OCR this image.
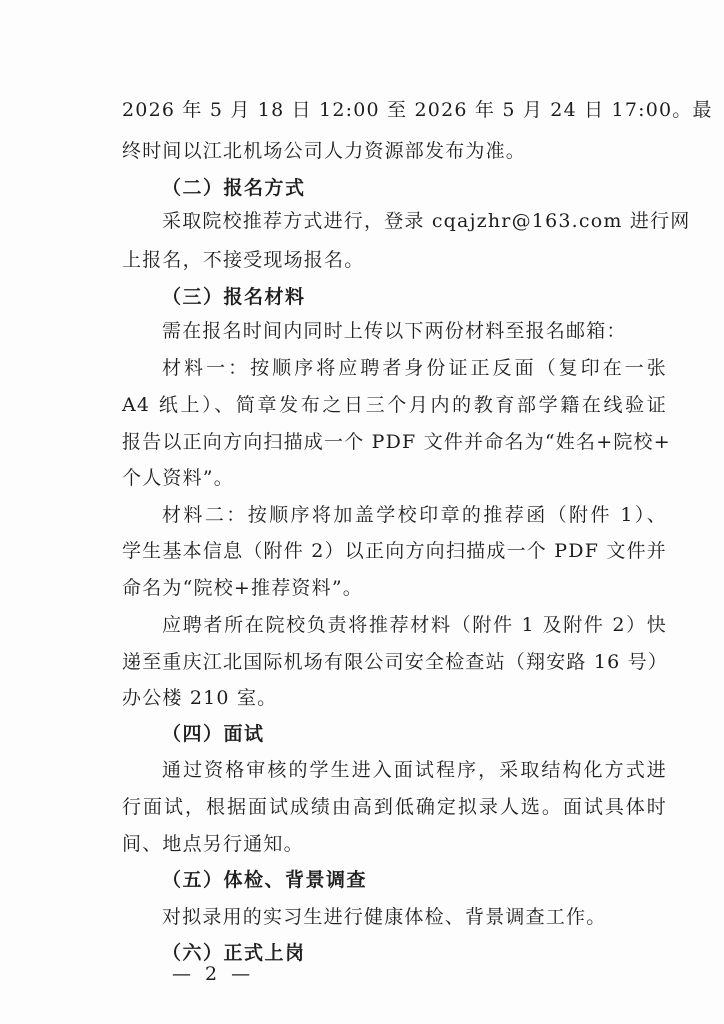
2026 年 5 月 18 日 12:00 至 2026 年 5 月 24 日 17:00。最
终时间以江北机场公司人力资源部发布为准。
（二）报名方式
采取院校推荐方式进行，登录 cqajzhr@163.com 进行网
上报名，不接受现场报名。
（三）报名材料
需在报名时间内同时上传以下两份材料至报名邮箱：
材料一：按顺序将应聘者身份证正反面（复印在一张
A4 纸上）、简章发布之日三个月内的教育部学籍在线验证
报告以正向方向扫描成一个 PDF 文件并命名为“姓名+院校+
个人资料”。
材料二：按顺序将加盖学校印章的推荐函（附件 1）、
学生基本信息（附件 2）以正向方向扫描成一个 PDF 文件并
命名为“院校+推荐资料”。
应聘者所在院校负责将推荐材料（附件 1 及附件 2）快
递至重庆江北国际机场有限公司安全检查站（翔安路 16 号）
办公楼 210 室。
（四）面试
通过资格审核的学生进入面试程序，采取结构化方式进
行面试，根据面试成绩由高到低确定拟录人选。面试具体时
间、地点另行通知。
（五）体检、背景调查
对拟录用的实习生进行健康体检、背景调查工作。
（六）正式上岗
— 2 —
